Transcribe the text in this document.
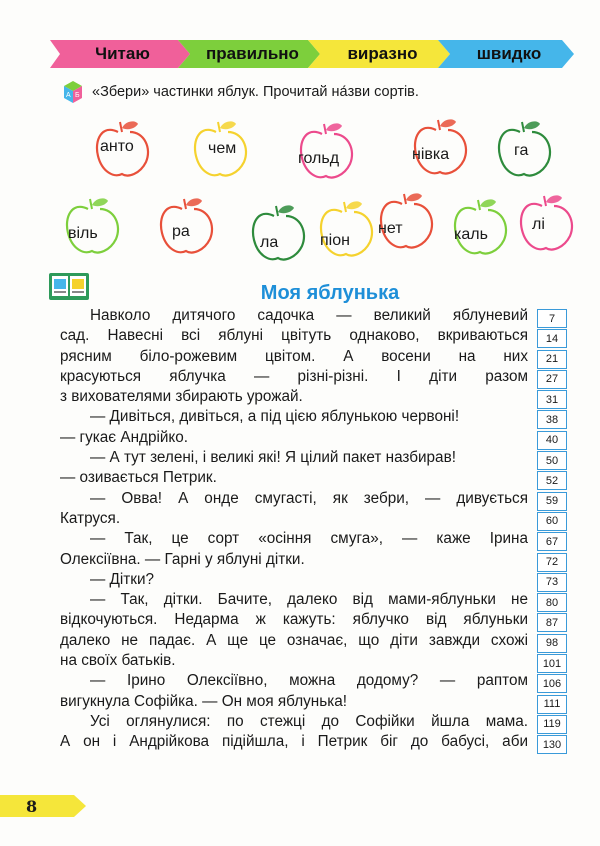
Читаю	правильно	виразно	швидко
А Б «Збери» частинки яблук. Прочитай на́зви сортів.
анто	чем
гольд	нівка	га
віль	ра
ла	піон
нет	каль
лі
Моя яблунька
Навколо дитячого садочка — великий яблуневий
сад. Навесні всі яблуні цвітуть однаково, вкриваються
рясним біло-рожевим цвітом. А восени на них
красуються яблучка — різні-різні. І діти разом
з вихователями збирають урожай.
— Дивіться, дивіться, а під цією яблунькою червоні!
— гукає Андрійко.
— А тут зелені, і великі які! Я цілий пакет назбирав!
— озивається Петрик.
— Овва! А онде смугасті, як зебри, — дивується
Катруся.
— Так, це сорт «осіння смуга», — каже Ірина
Олексіївна. — Гарні у яблуні дітки.
— Дітки?
— Так, дітки. Бачите, далеко від мами-яблуньки не
відкочуються. Недарма ж кажуть: яблучко від яблуньки
далеко не падає. А ще це означає, що діти завжди схожі
на своїх батьків.
— Ірино Олексіївно, можна додому? — раптом
вигукнула Софійка. — Он моя яблунька!
Усі оглянулися: по стежці до Софійки йшла мама.
А он і Андрійкова підійшла, і Петрик біг до бабусі, аби
7
14
21
27
31
38
40
50
52
59
60
67
72
73
80
87
98
101
106
111
119
130
8
